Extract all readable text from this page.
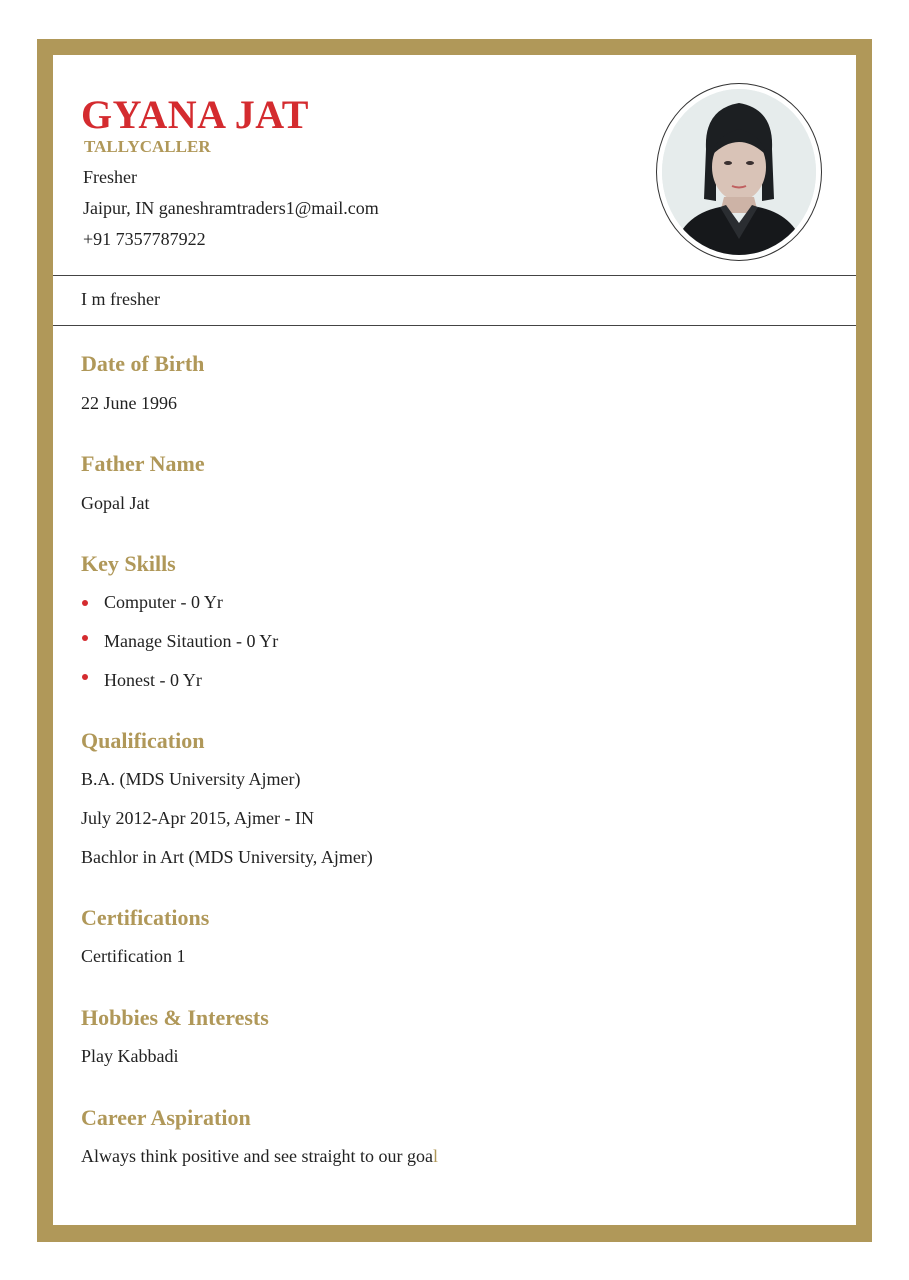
GYANA JAT
TALLYCALLER
Fresher
Jaipur, IN ganeshramtraders1@mail.com
+91 7357787922
I m fresher
Date of Birth
22 June 1996
Father Name
Gopal Jat
Key Skills
Computer - 0 Yr
Manage Sitaution - 0 Yr
Honest - 0 Yr
Qualification
B.A. (MDS University Ajmer)
July 2012-Apr 2015, Ajmer - IN
Bachlor in Art (MDS University, Ajmer)
Certifications
Certification 1
Hobbies & Interests
Play Kabbadi
Career Aspiration
Always think positive and see straight to our goal
